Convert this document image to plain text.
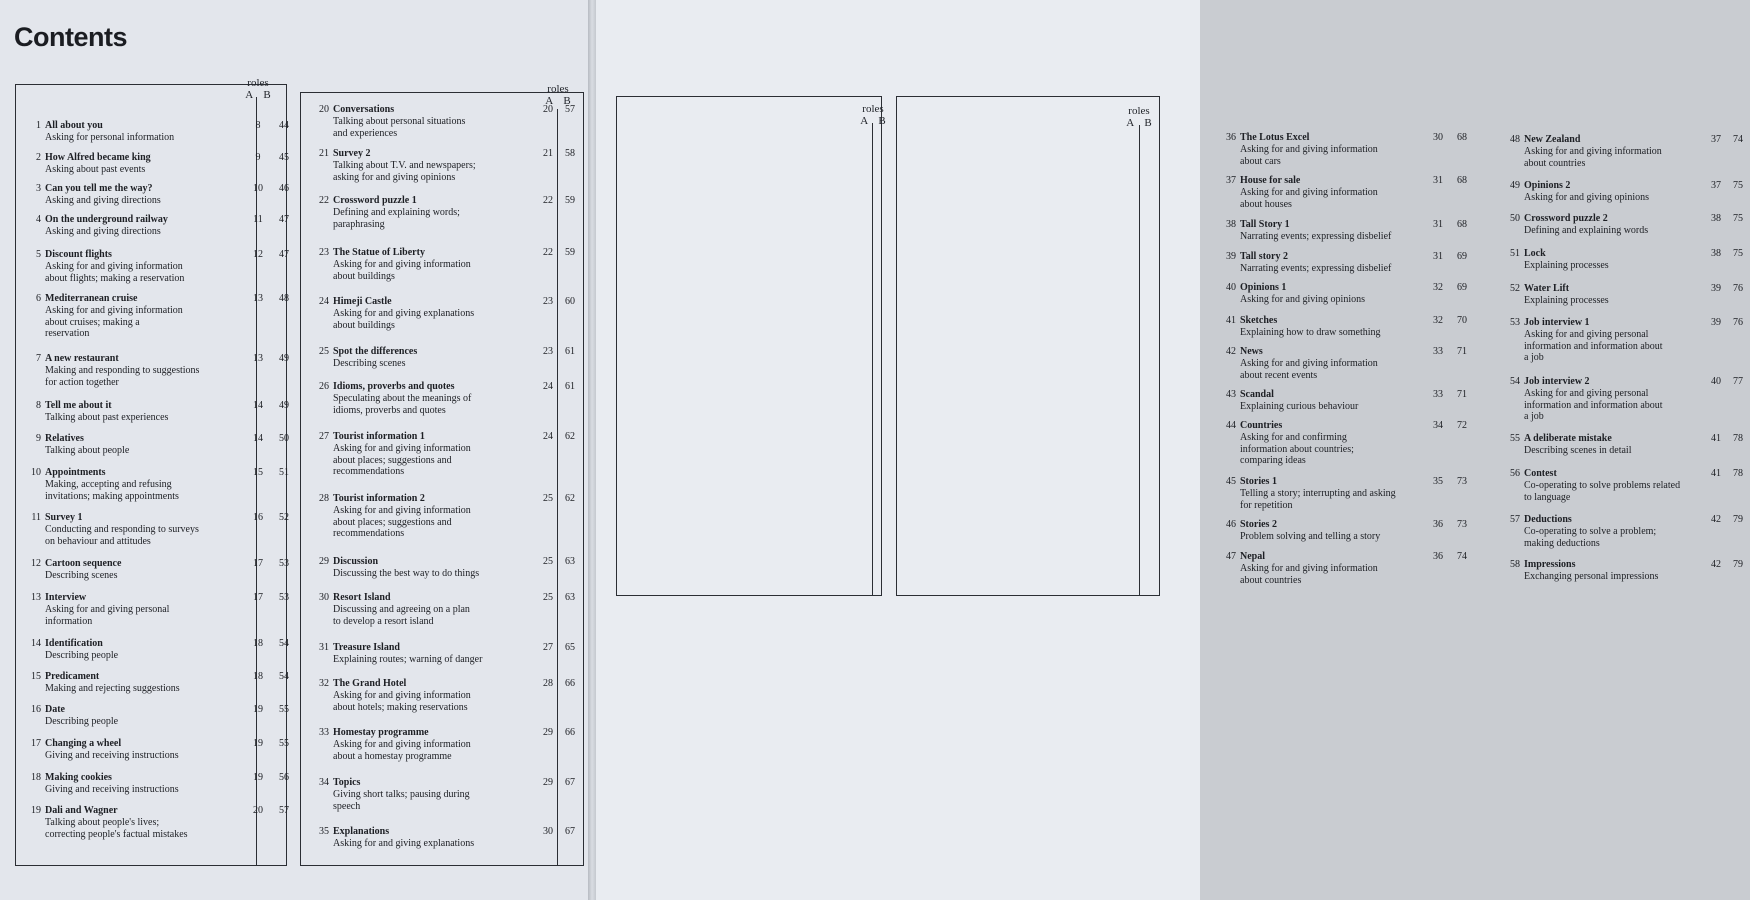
Contents
roles
A B	roles
A B
1 All about you
Asking for personal information
8	44
2 How Alfred became king
Asking about past events
9	45
3 Can you tell me the way?
Asking and giving directions
10	46
4 On the underground railway
Asking and giving directions
11	47
5 Discount flights
Asking for and giving information
about flights; making a reservation
12	47
6 Mediterranean cruise
Asking for and giving information
about cruises; making a
reservation
13	48
7 A new restaurant
Making and responding to suggestions
for action together
13	49
8 Tell me about it
Talking about past experiences
14	49
9 Relatives
Talking about people
14	50
10 Appointments
Making, accepting and refusing
invitations; making appointments
15	51
11 Survey 1
Conducting and responding to surveys
on behaviour and attitudes
16	52
12 Cartoon sequence
Describing scenes
17	53
13 Interview
Asking for and giving personal
information
17	53
14 Identification
Describing people
18	54
15 Predicament
Making and rejecting suggestions
18	54
16 Date
Describing people
19	55
17 Changing a wheel
Giving and receiving instructions
19	55
18 Making cookies
Giving and receiving instructions
19	56
19 Dali and Wagner
Talking about people's lives;
correcting people's factual mistakes
20	57
20 Conversations
Talking about personal situations
and experiences
20	57
21 Survey 2
Talking about T.V. and newspapers;
asking for and giving opinions
21	58
22 Crossword puzzle 1
Defining and explaining words;
paraphrasing
22	59
23 The Statue of Liberty
Asking for and giving information
about buildings
22	59
24 Himeji Castle
Asking for and giving explanations
about buildings
23	60
25 Spot the differences
Describing scenes
23	61
26 Idioms, proverbs and quotes
Speculating about the meanings of
idioms, proverbs and quotes
24	61
27 Tourist information 1
Asking for and giving information
about places; suggestions and
recommendations
24	62
28 Tourist information 2
Asking for and giving information
about places; suggestions and
recommendations
25	62
29 Discussion
Discussing the best way to do things
25	63
30 Resort Island
Discussing and agreeing on a plan
to develop a resort island
25	63
31 Treasure Island
Explaining routes; warning of danger
27	65
32 The Grand Hotel
Asking for and giving information
about hotels; making reservations
28	66
33 Homestay programme
Asking for and giving information
about a homestay programme
29	66
34 Topics
Giving short talks; pausing during
speech
29	67
35 Explanations
Asking for and giving explanations
30	67
roles
A B
roles
A B
36 The Lotus Excel
Asking for and giving information
about cars
30	68
37 House for sale
Asking for and giving information
about houses
31	68
38 Tall Story 1
Narrating events; expressing disbelief
31	68
39 Tall story 2
Narrating events; expressing disbelief
31	69
40 Opinions 1
Asking for and giving opinions
32	69
41 Sketches
Explaining how to draw something
32	70
42 News
Asking for and giving information
about recent events
33	71
43 Scandal
Explaining curious behaviour
33	71
44 Countries
Asking for and confirming
information about countries;
comparing ideas
34	72
45 Stories 1
Telling a story; interrupting and asking
for repetition
35	73
46 Stories 2
Problem solving and telling a story
36	73
47 Nepal
Asking for and giving information
about countries
36	74
48 New Zealand
Asking for and giving information
about countries
37	74
49 Opinions 2
Asking for and giving opinions
37	75
50 Crossword puzzle 2
Defining and explaining words
38	75
51 Lock
Explaining processes
38	75
52 Water Lift
Explaining processes
39	76
53 Job interview 1
Asking for and giving personal
information and information about
a job
39	76
54 Job interview 2
Asking for and giving personal
information and information about
a job
40	77
55 A deliberate mistake
Describing scenes in detail
41	78
56 Contest
Co-operating to solve problems related
to language
41	78
57 Deductions
Co-operating to solve a problem;
making deductions
42	79
58 Impressions
Exchanging personal impressions
42	79
